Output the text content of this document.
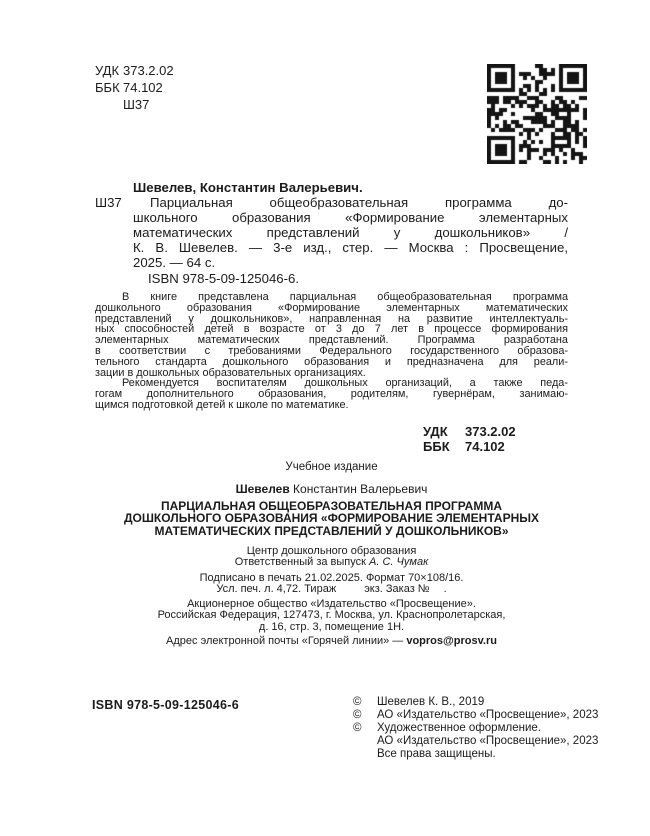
УДК 373.2.02
ББК 74.102
Ш37
Шевелев, Константин Валерьевич.
Ш37	Парциальная общеобразовательная программа до-
школьного образования «Формирование элементарных
математических представлений у дошкольников» /
К. В. Шевелев. — 3-е изд., стер. — Москва : Просвещение,
2025. — 64 с.
ISBN 978-5-09-125046-6.
В книге представлена парциальная общеобразовательная программа
дошкольного образования «Формирование элементарных математических
представлений у дошкольников», направленная на развитие интеллектуаль-
ных способностей детей в возрасте от 3 до 7 лет в процессе формирования
элементарных математических представлений. Программа разработана
в соответствии с требованиями Федерального государственного образова-
тельного стандарта дошкольного образования и предназначена для реали-
зации в дошкольных образовательных организациях.
Рекомендуется воспитателям дошкольных организаций, а также педа-
гогам дополнительного образования, родителям, гувернёрам, занимаю-
щимся подготовкой детей к школе по математике.
УДК 373.2.02
ББК 74.102
Учебное издание
Шевелев Константин Валерьевич
ПАРЦИАЛЬНАЯ ОБЩЕОБРАЗОВАТЕЛЬНАЯ ПРОГРАММА
ДОШКОЛЬНОГО ОБРАЗОВАНИЯ «ФОРМИРОВАНИЕ ЭЛЕМЕНТАРНЫХ
МАТЕМАТИЧЕСКИХ ПРЕДСТАВЛЕНИЙ У ДОШКОЛЬНИКОВ»
Центр дошкольного образования
Ответственный за выпуск А. С. Чумак
Подписано в печать 21.02.2025. Формат 70×108/16.
Усл. печ. л. 4,72. Тираж	экз. Заказ № .
Акционерное общество «Издательство «Просвещение».
Российская Федерация, 127473, г. Москва, ул. Краснопролетарская,
д. 16, стр. 3, помещение 1Н.
Адрес электронной почты «Горячей линии» — vopros@prosv.ru
ISBN 978-5-09-125046-6	© Шевелев К. В., 2019
© АО «Издательство «Просвещение», 2023
© Художественное оформление.
АО «Издательство «Просвещение», 2023
Все права защищены.
